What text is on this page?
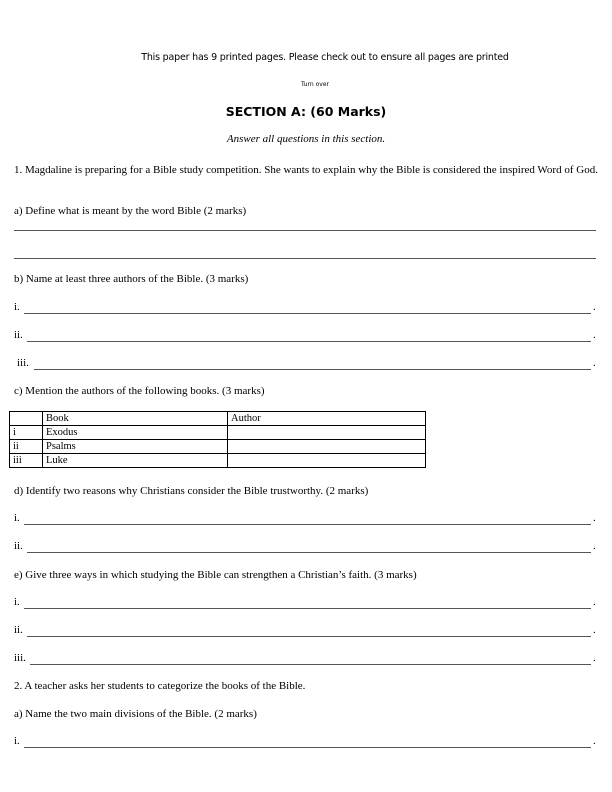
This paper has 9 printed pages. Please check out to ensure all pages are printed
Turn over
SECTION A: (60 Marks)
Answer all questions in this section.
1. Magdaline is preparing for a Bible study competition. She wants to explain why the Bible is considered the inspired Word of God.
a) Define what is meant by the word Bible (2 marks)
b) Name at least three authors of the Bible. (3 marks)
i.	.
ii.	.
iii.	.
c) Mention the authors of the following books. (3 marks)
	Book	Author
i	Exodus	
ii	Psalms	
iii	Luke	
d) Identify two reasons why Christians consider the Bible trustworthy. (2 marks)
i.	.
ii.	.
e) Give three ways in which studying the Bible can strengthen a Christian’s faith. (3 marks)
i.	.
ii.	.
iii.	.
2. A teacher asks her students to categorize the books of the Bible.
a) Name the two main divisions of the Bible. (2 marks)
i.	.
